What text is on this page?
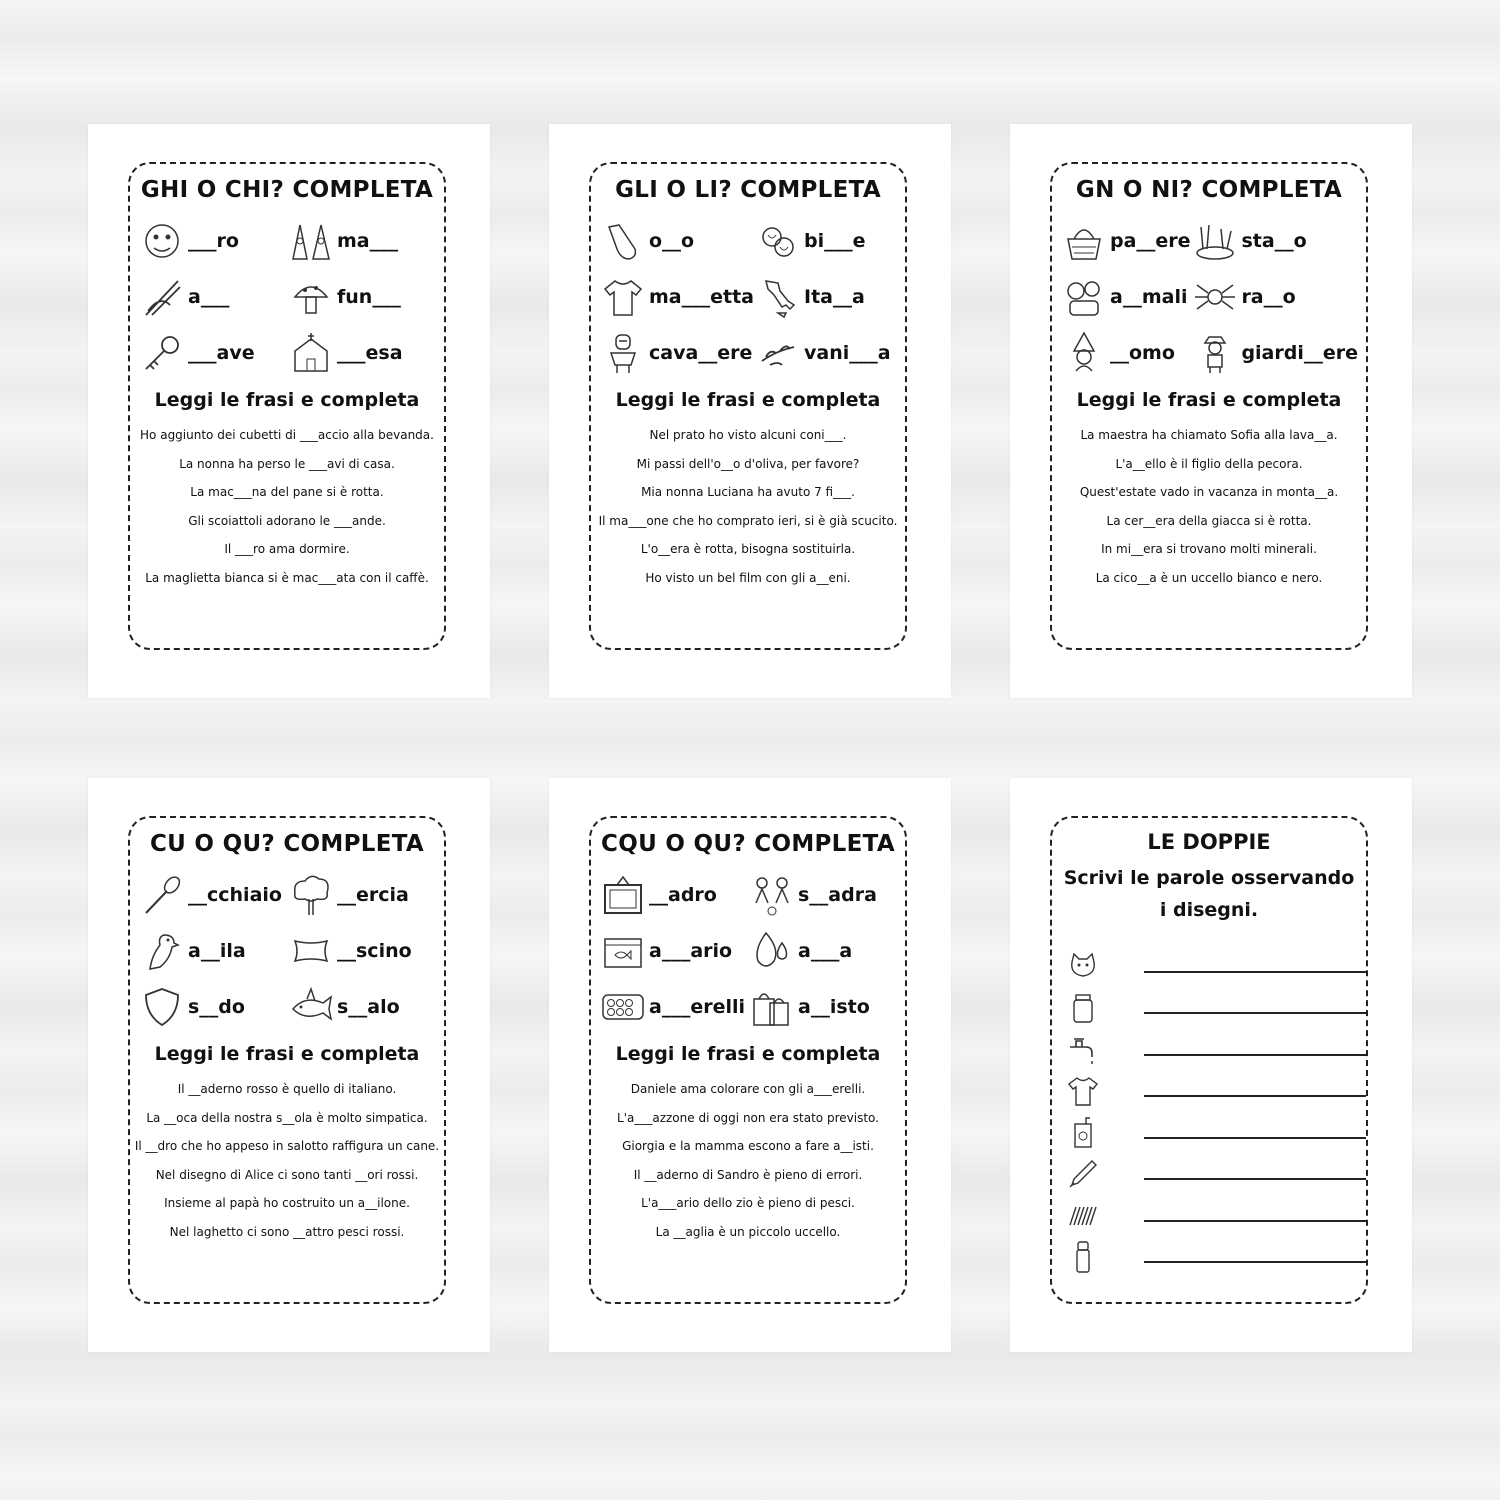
GHI O CHI? COMPLETA
___ro	ma___
a___	fun___
___ave	___esa
Leggi le frasi e completa
Ho aggiunto dei cubetti di ___accio alla bevanda.
La nonna ha perso le ___avi di casa.
La mac___na del pane si è rotta.
Gli scoiattoli adorano le ___ande.
Il ___ro ama dormire.
La maglietta bianca si è mac___ata con il caffè.
GLI O LI? COMPLETA
o__o	bi___e
ma___etta	Ita__a
cava__ere	vani___a
Leggi le frasi e completa
Nel prato ho visto alcuni coni___.
Mi passi dell'o__o d'oliva, per favore?
Mia nonna Luciana ha avuto 7 fi___.
Il ma___one che ho comprato ieri, si è già scucito.
L'o__era è rotta, bisogna sostituirla.
Ho visto un bel film con gli a__eni.
GN O NI? COMPLETA
pa__ere	sta__o
a__mali	ra__o
__omo	giardi__ere
Leggi le frasi e completa
La maestra ha chiamato Sofia alla lava__a.
L'a__ello è il figlio della pecora.
Quest'estate vado in vacanza in monta__a.
La cer__era della giacca si è rotta.
In mi__era si trovano molti minerali.
La cico__a è un uccello bianco e nero.
CU O QU? COMPLETA
__cchiaio	__ercia
a__ila	__scino
s__do	s__alo
Leggi le frasi e completa
Il __aderno rosso è quello di italiano.
La __oca della nostra s__ola è molto simpatica.
Il __dro che ho appeso in salotto raffigura un cane.
Nel disegno di Alice ci sono tanti __ori rossi.
Insieme al papà ho costruito un a__ilone.
Nel laghetto ci sono __attro pesci rossi.
CQU O QU? COMPLETA
__adro	s__adra
a___ario	a___a
a___erelli	a__isto
Leggi le frasi e completa
Daniele ama colorare con gli a___erelli.
L'a___azzone di oggi non era stato previsto.
Giorgia e la mamma escono a fare a__isti.
Il __aderno di Sandro è pieno di errori.
L'a___ario dello zio è pieno di pesci.
La __aglia è un piccolo uccello.
LE DOPPIE
Scrivi le parole osservando i disegni.
